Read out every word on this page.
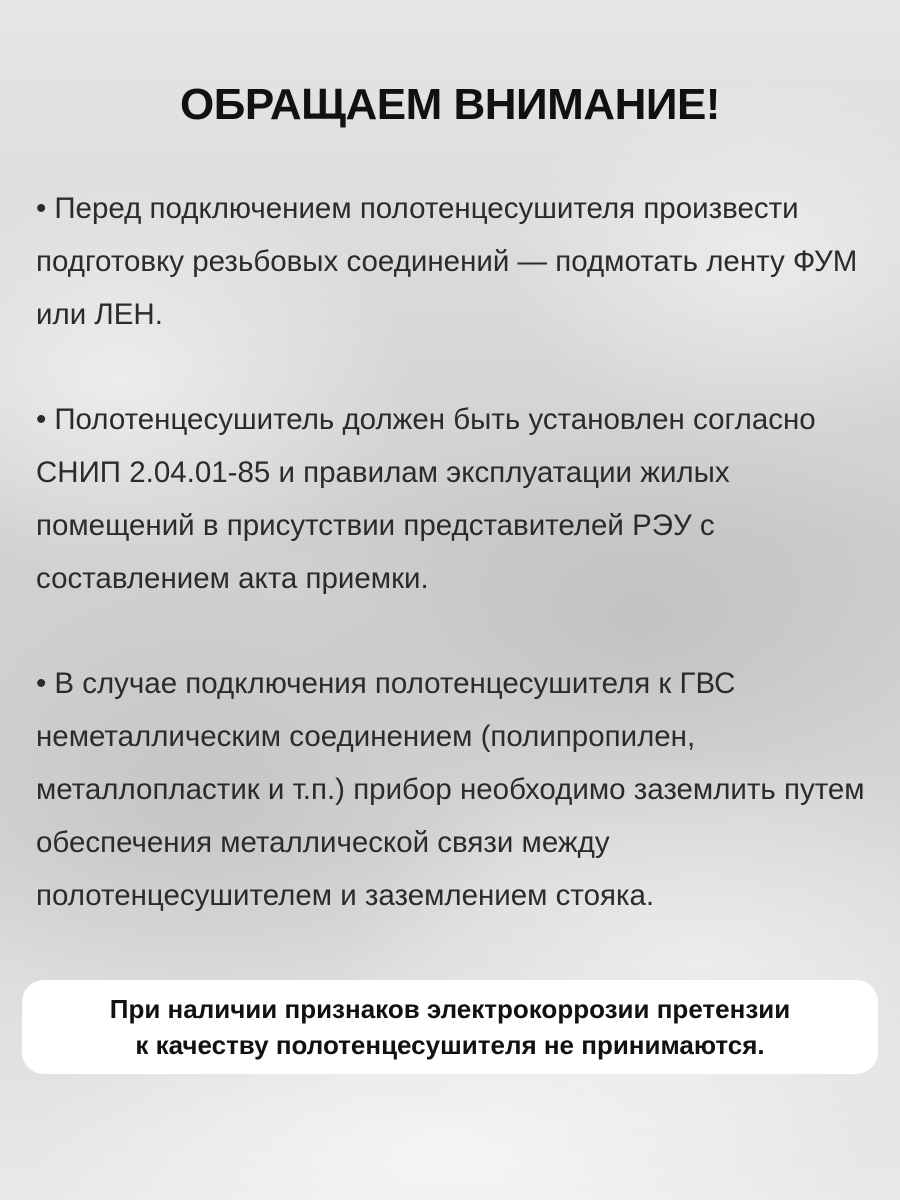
ОБРАЩАЕМ ВНИМАНИЕ!

• Перед подключением полотенцесушителя произвести подготовку резьбовых соединений — подмотать ленту ФУМ или ЛЕН.

• Полотенцесушитель должен быть установлен согласно СНИП 2.04.01-85 и правилам эксплуатации жилых помещений в присутствии представителей РЭУ с составлением акта приемки.

• В случае подключения полотенцесушителя к ГВС неметаллическим соединением (полипропилен, металлопластик и т.п.) прибор необходимо заземлить путем обеспечения металлической связи между полотенцесушителем и заземлением стояка.

При наличии признаков электрокоррозии претензии
к качеству полотенцесушителя не принимаются.
